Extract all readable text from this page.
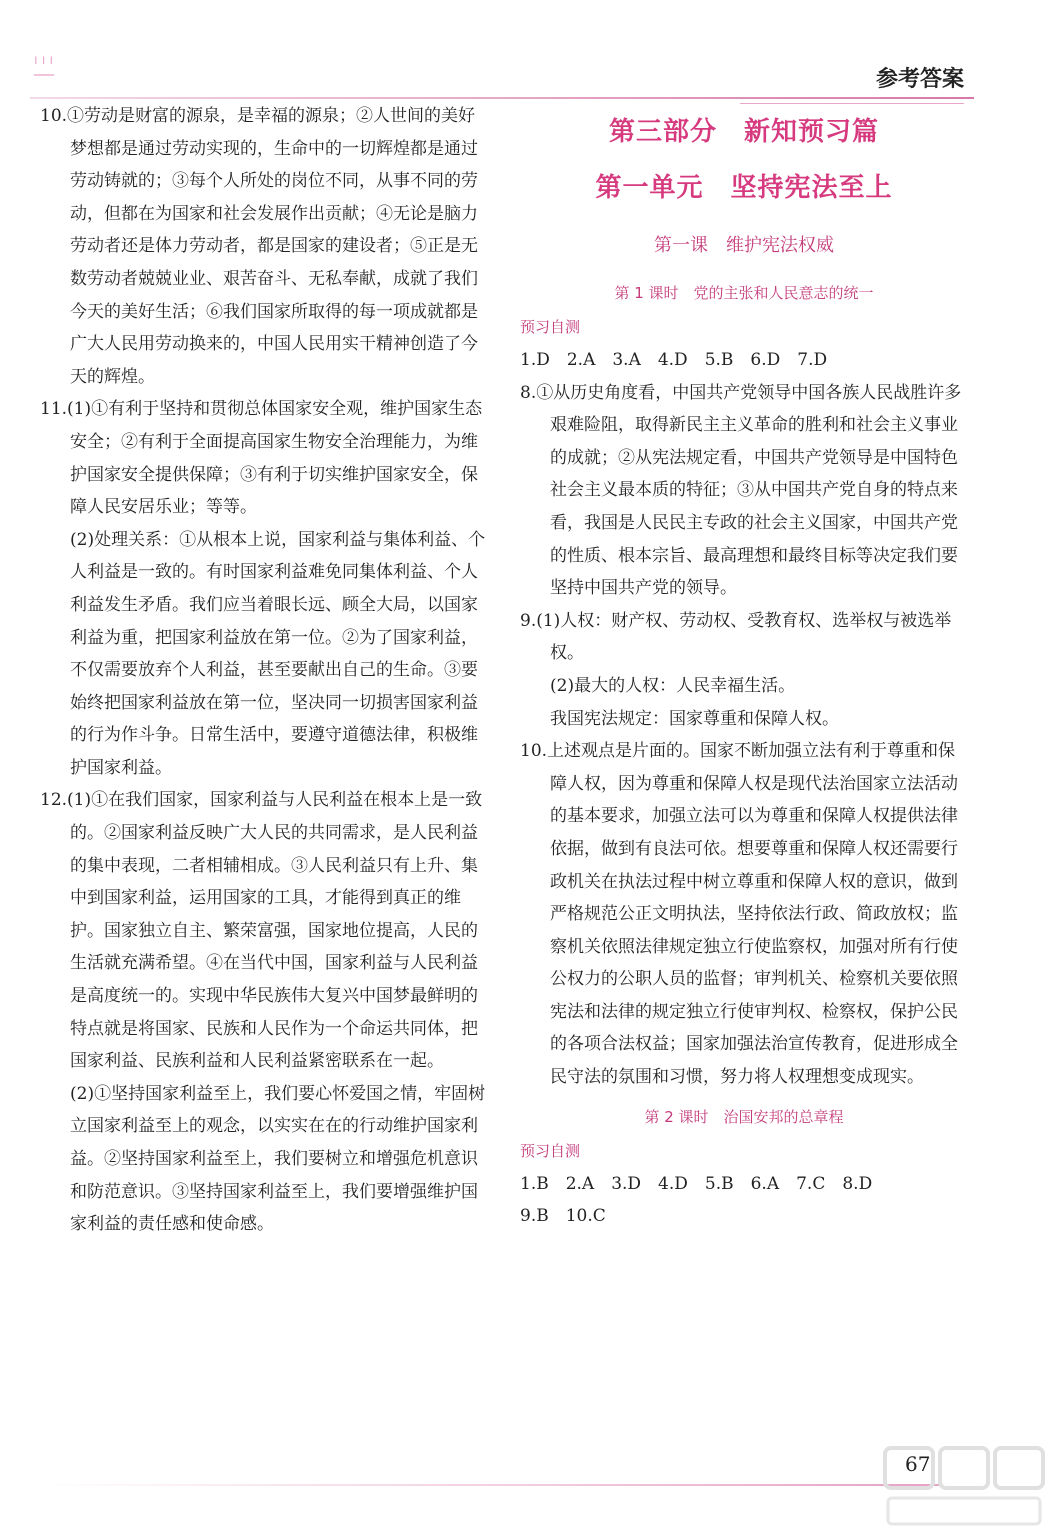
ı ı ı
参考答案

10.①劳动是财富的源泉，是幸福的源泉；②人世间的美好梦想都是通过劳动实现的，生命中的一切辉煌都是通过劳动铸就的；③每个人所处的岗位不同，从事不同的劳动，但都在为国家和社会发展作出贡献；④无论是脑力劳动者还是体力劳动者，都是国家的建设者；⑤正是无数劳动者兢兢业业、艰苦奋斗、无私奉献，成就了我们今天的美好生活；⑥我们国家所取得的每一项成就都是广大人民用劳动换来的，中国人民用实干精神创造了今天的辉煌。

11.(1)①有利于坚持和贯彻总体国家安全观，维护国家生态安全；②有利于全面提高国家生物安全治理能力，为维护国家安全提供保障；③有利于切实维护国家安全，保障人民安居乐业；等等。

(2)处理关系：①从根本上说，国家利益与集体利益、个人利益是一致的。有时国家利益难免同集体利益、个人利益发生矛盾。我们应当着眼长远、顾全大局，以国家利益为重，把国家利益放在第一位。②为了国家利益，不仅需要放弃个人利益，甚至要献出自己的生命。③要始终把国家利益放在第一位，坚决同一切损害国家利益的行为作斗争。日常生活中，要遵守道德法律，积极维护国家利益。

12.(1)①在我们国家，国家利益与人民利益在根本上是一致的。②国家利益反映广大人民的共同需求，是人民利益的集中表现，二者相辅相成。③人民利益只有上升、集中到国家利益，运用国家的工具，才能得到真正的维护。国家独立自主、繁荣富强，国家地位提高，人民的生活就充满希望。④在当代中国，国家利益与人民利益是高度统一的。实现中华民族伟大复兴中国梦最鲜明的特点就是将国家、民族和人民作为一个命运共同体，把国家利益、民族利益和人民利益紧密联系在一起。

(2)①坚持国家利益至上，我们要心怀爱国之情，牢固树立国家利益至上的观念，以实实在在的行动维护国家利益。②坚持国家利益至上，我们要树立和增强危机意识和防范意识。③坚持国家利益至上，我们要增强维护国家利益的责任感和使命感。

第三部分　新知预习篇
第一单元　坚持宪法至上
第一课　维护宪法权威
第 1 课时　党的主张和人民意志的统一
预习自测

1.D　2.A　3.A　4.D　5.B　6.D　7.D

8.①从历史角度看，中国共产党领导中国各族人民战胜许多艰难险阻，取得新民主主义革命的胜利和社会主义事业的成就；②从宪法规定看，中国共产党领导是中国特色社会主义最本质的特征；③从中国共产党自身的特点来看，我国是人民民主专政的社会主义国家，中国共产党的性质、根本宗旨、最高理想和最终目标等决定我们要坚持中国共产党的领导。

9.(1)人权：财产权、劳动权、受教育权、选举权与被选举权。

(2)最大的人权：人民幸福生活。

我国宪法规定：国家尊重和保障人权。

10.上述观点是片面的。国家不断加强立法有利于尊重和保障人权，因为尊重和保障人权是现代法治国家立法活动的基本要求，加强立法可以为尊重和保障人权提供法律依据，做到有良法可依。想要尊重和保障人权还需要行政机关在执法过程中树立尊重和保障人权的意识，做到严格规范公正文明执法，坚持依法行政、简政放权；监察机关依照法律规定独立行使监察权，加强对所有行使公权力的公职人员的监督；审判机关、检察机关要依照宪法和法律的规定独立行使审判权、检察权，保护公民的各项合法权益；国家加强法治宣传教育，促进形成全民守法的氛围和习惯，努力将人权理想变成现实。

第 2 课时　治国安邦的总章程
预习自测

1.B　2.A　3.D　4.D　5.B　6.A　7.C　8.D

9.B　10.C

67
